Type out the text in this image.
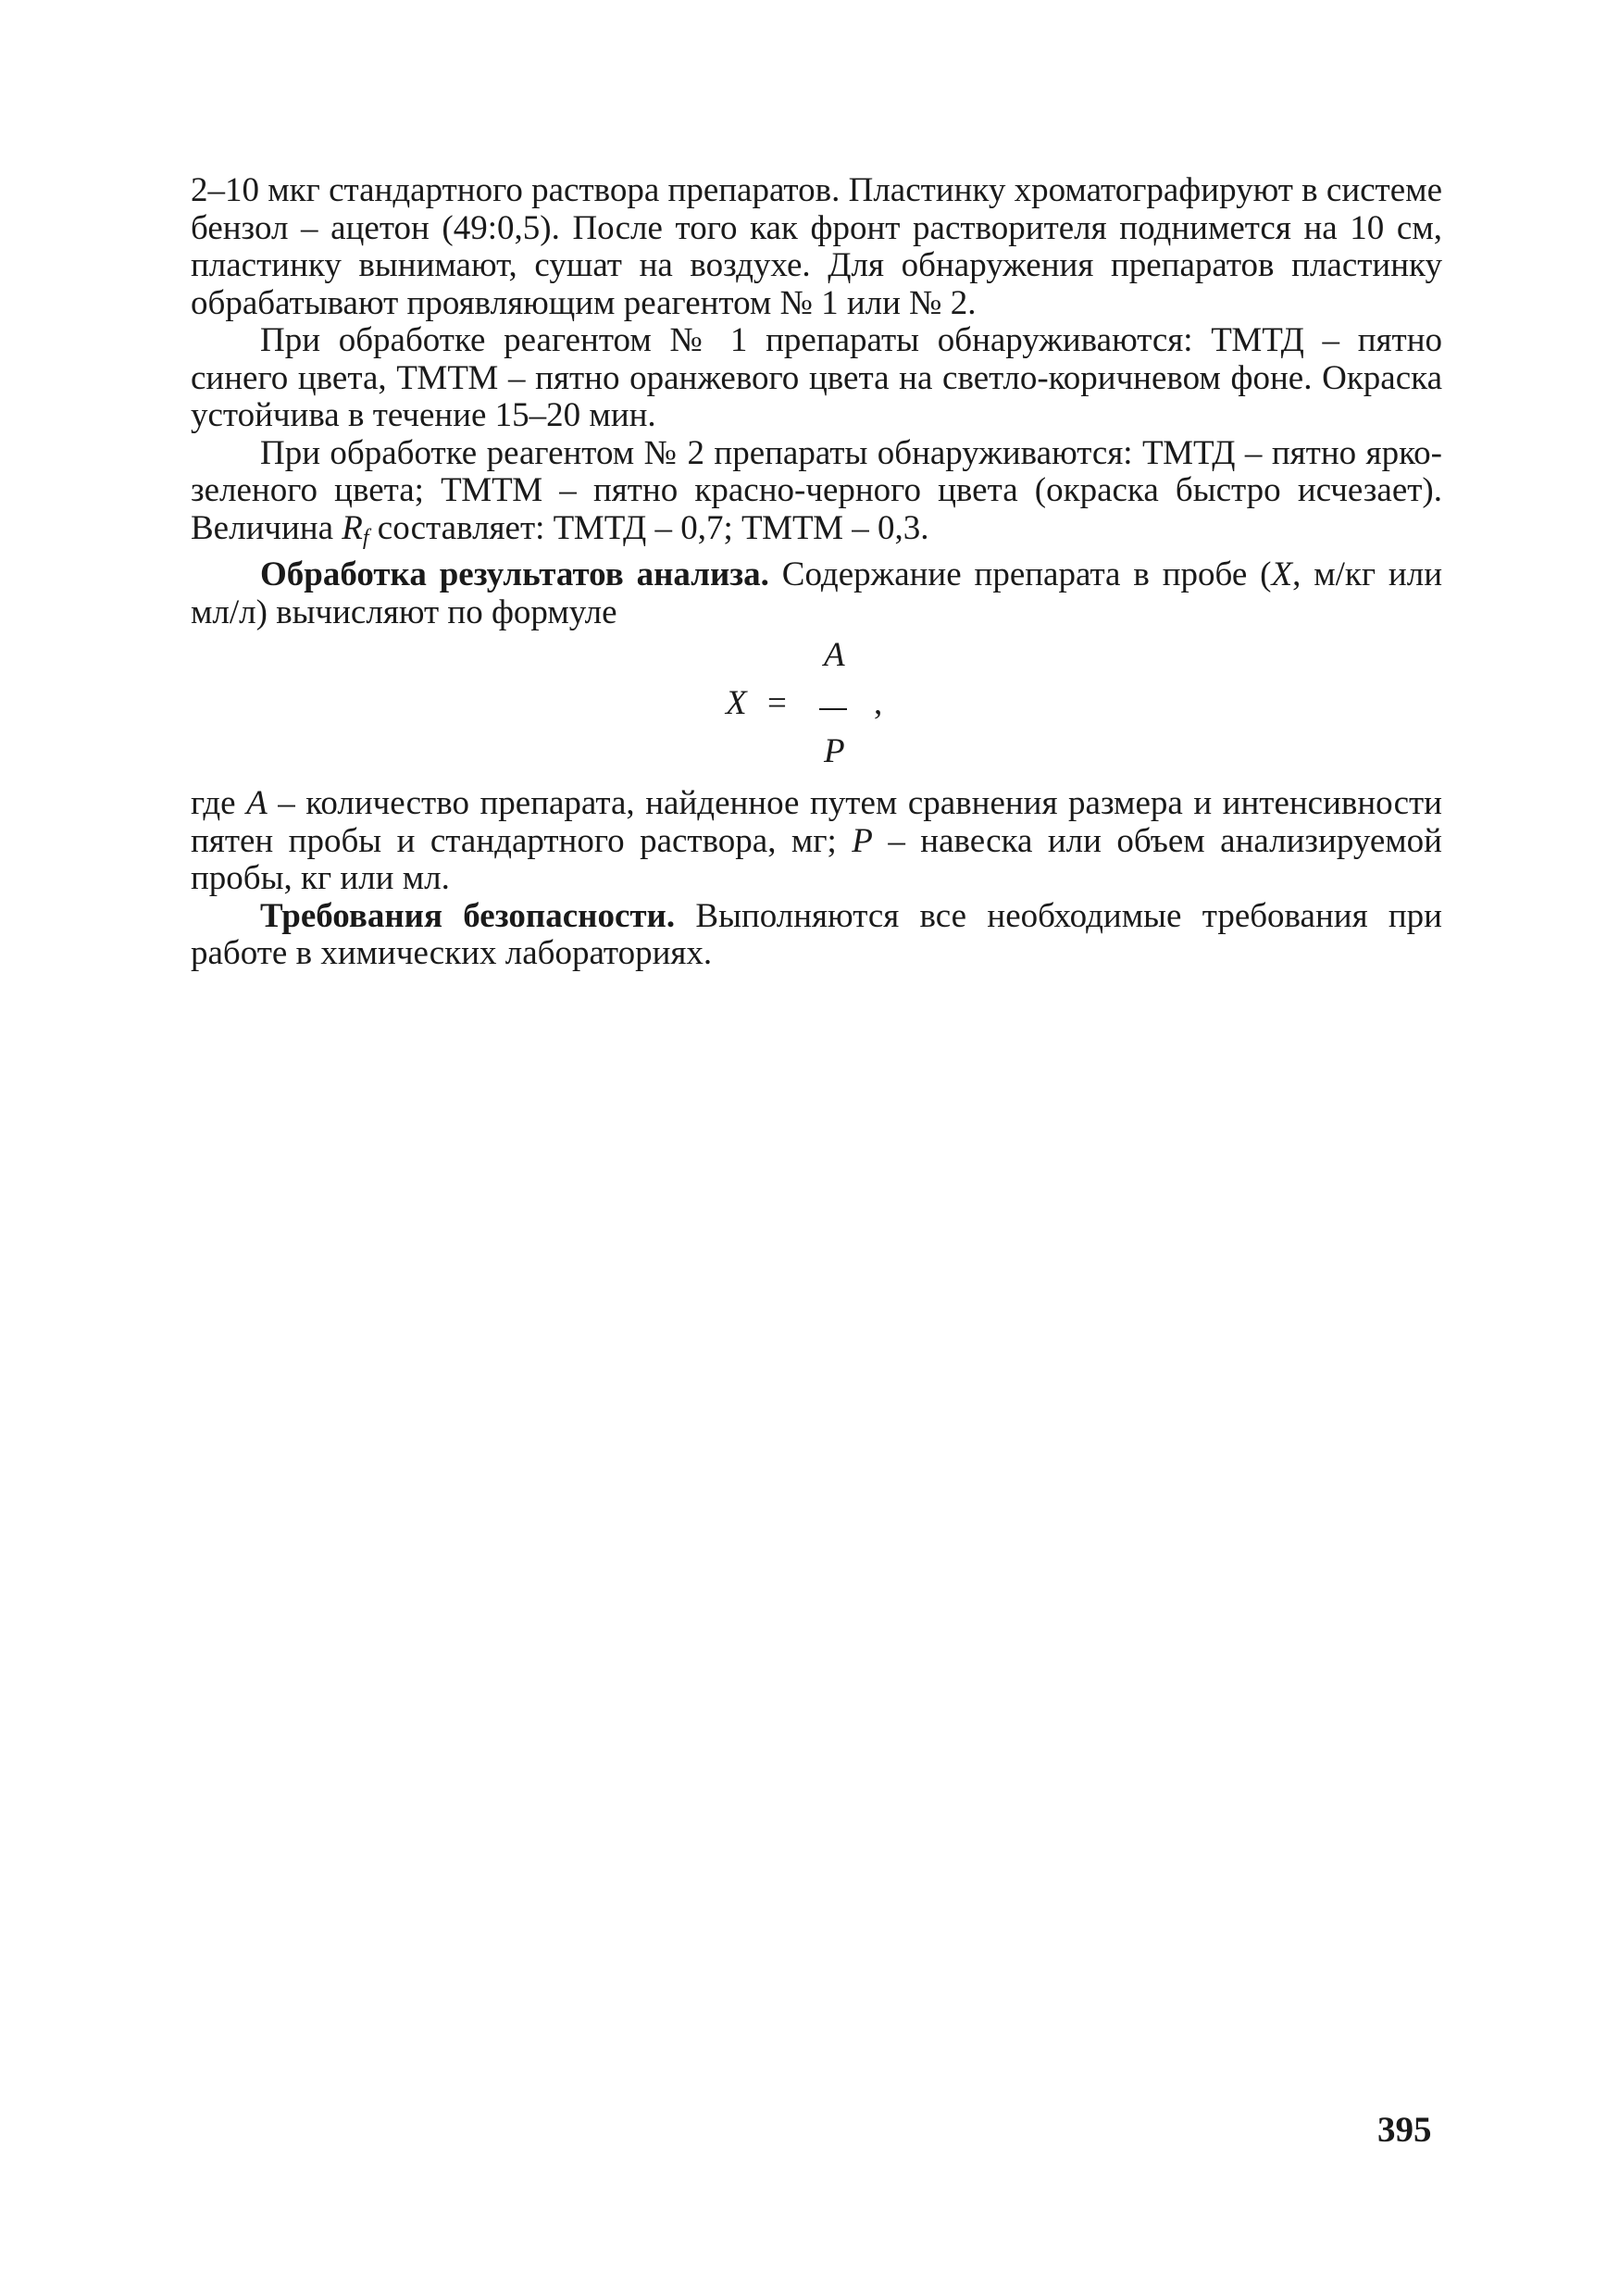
2–10 мкг стандартного раствора препаратов. Пластинку хроматографируют в системе бензол – ацетон (49:0,5). После того как фронт растворителя поднимется на 10 см, пластинку вынимают, сушат на воздухе. Для обнаружения препаратов пластинку обрабатывают проявляющим реагентом № 1 или № 2.

При обработке реагентом № 1 препараты обнаруживаются: ТМТД – пятно синего цвета, ТМТМ – пятно оранжевого цвета на светло-коричневом фоне. Окраска устойчива в течение 15–20 мин.

При обработке реагентом № 2 препараты обнаруживаются: ТМТД – пятно ярко-зеленого цвета; ТМТМ – пятно красно-черного цвета (окраска быстро исчезает). Величина $R_f$ составляет: ТМТД – 0,7; ТМТМ – 0,3.

Обработка результатов анализа. Содержание препарата в пробе (X, м/кг или мл/л) вычисляют по формуле

X =
A
P
,

где A – количество препарата, найденное путем сравнения размера и интенсивности пятен пробы и стандартного раствора, мг; P – навеска или объем анализируемой пробы, кг или мл.

Требования безопасности. Выполняются все необходимые требования при работе в химических лабораториях.

395
